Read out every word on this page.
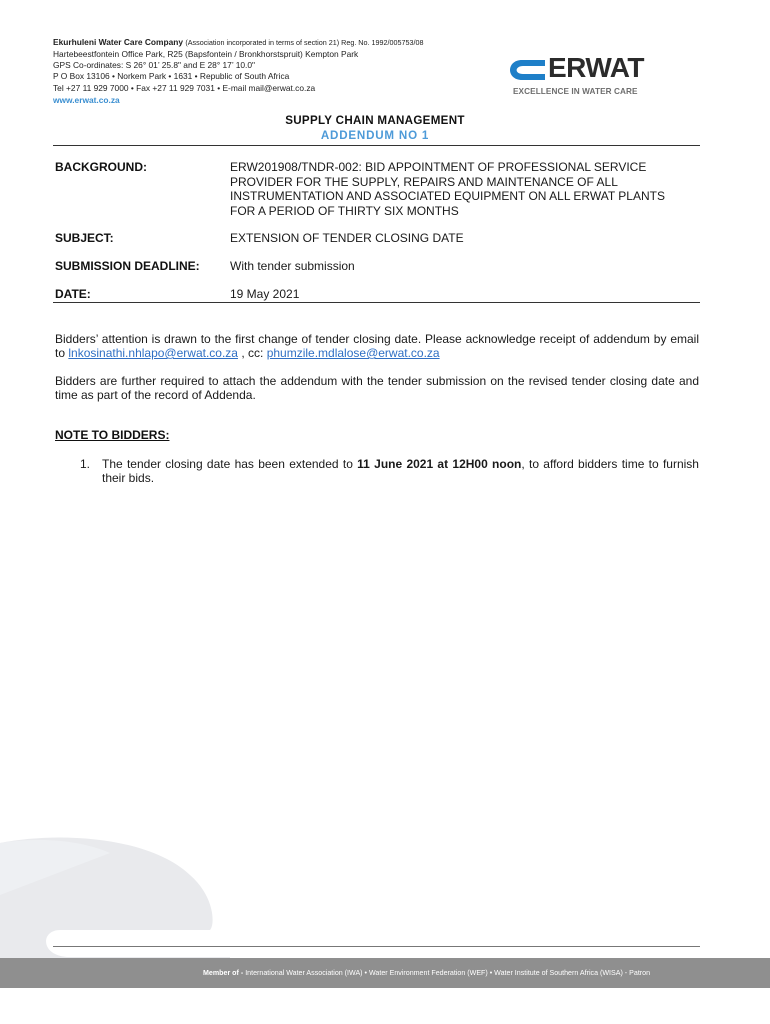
Ekurhuleni Water Care Company (Association incorporated in terms of section 21) Reg. No. 1992/005753/08
Hartebeestfontein Office Park, R25 (Bapsfontein / Bronkhorstspruit) Kempton Park
GPS Co-ordinates: S 26° 01’ 25.8" and E 28° 17’ 10.0"
P O Box 13106 • Norkem Park • 1631 • Republic of South Africa
Tel +27 11 929 7000 • Fax +27 11 929 7031 • E-mail mail@erwat.co.za
www.erwat.co.za
ERWAT
EXCELLENCE IN WATER CARE
SUPPLY CHAIN MANAGEMENT
ADDENDUM NO 1
BACKGROUND:	ERW201908/TNDR-002: BID APPOINTMENT OF PROFESSIONAL SERVICE PROVIDER FOR THE SUPPLY, REPAIRS AND MAINTENANCE OF ALL INSTRUMENTATION AND ASSOCIATED EQUIPMENT ON ALL ERWAT PLANTS FOR A PERIOD OF THIRTY SIX MONTHS
SUBJECT:	EXTENSION OF TENDER CLOSING DATE
SUBMISSION DEADLINE:	With tender submission
DATE:	19 May 2021
Bidders’ attention is drawn to the first change of tender closing date. Please acknowledge receipt of addendum by email to lnkosinathi.nhlapo@erwat.co.za , cc: phumzile.mdlalose@erwat.co.za
Bidders are further required to attach the addendum with the tender submission on the revised tender closing date and time as part of the record of Addenda.
NOTE TO BIDDERS:
1. The tender closing date has been extended to 11 June 2021 at 12H00 noon, to afford bidders time to furnish their bids.
Member of - International Water Association (IWA) • Water Environment Federation (WEF) • Water Institute of Southern Africa (WISA) - Patron
